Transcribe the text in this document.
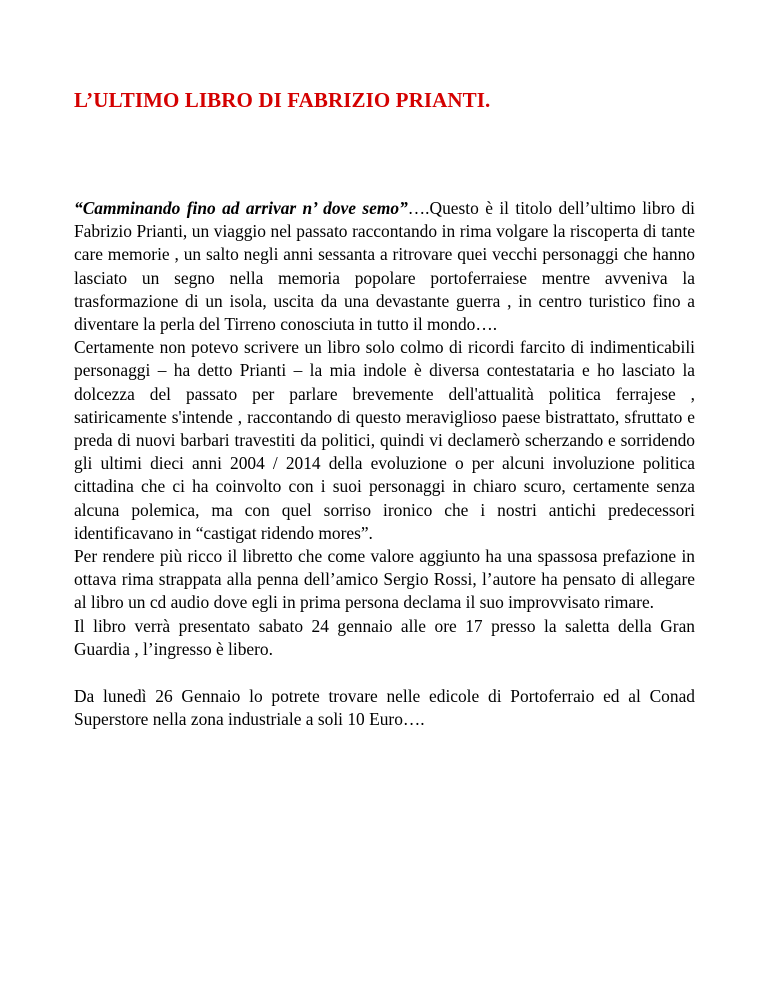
L’ULTIMO LIBRO DI FABRIZIO PRIANTI.

“Camminando fino ad arrivar n’ dove semo”….Questo è il titolo dell’ultimo libro di Fabrizio Prianti, un viaggio nel passato raccontando in rima volgare la riscoperta di tante care memorie , un salto negli anni sessanta a ritrovare quei vecchi personaggi che hanno lasciato un segno nella memoria popolare portoferraiese mentre avveniva la trasformazione di un isola, uscita da una devastante guerra , in centro turistico fino a diventare la perla del Tirreno conosciuta in tutto il mondo….

Certamente non potevo scrivere un libro solo colmo di ricordi farcito di indimenticabili personaggi – ha detto Prianti – la mia indole è diversa contestataria e ho lasciato la dolcezza del passato per parlare brevemente dell'attualità politica ferrajese , satiricamente s'intende , raccontando di questo meraviglioso paese bistrattato, sfruttato e preda di nuovi barbari travestiti da politici, quindi vi declamerò scherzando e sorridendo gli ultimi dieci anni 2004 / 2014 della evoluzione o per alcuni involuzione politica cittadina che ci ha coinvolto con i suoi personaggi in chiaro scuro, certamente senza alcuna polemica, ma con quel sorriso ironico che i nostri antichi predecessori identificavano in “castigat ridendo mores”.

Per rendere più ricco il libretto che come valore aggiunto ha una spassosa prefazione in ottava rima strappata alla penna dell’amico Sergio Rossi, l’autore ha pensato di allegare al libro un cd audio dove egli in prima persona declama il suo improvvisato rimare.

Il libro verrà presentato sabato 24 gennaio alle ore 17 presso la saletta della Gran Guardia , l’ingresso è libero.

Da lunedì 26 Gennaio lo potrete trovare nelle edicole di Portoferraio ed al Conad Superstore nella zona industriale a soli 10 Euro….
